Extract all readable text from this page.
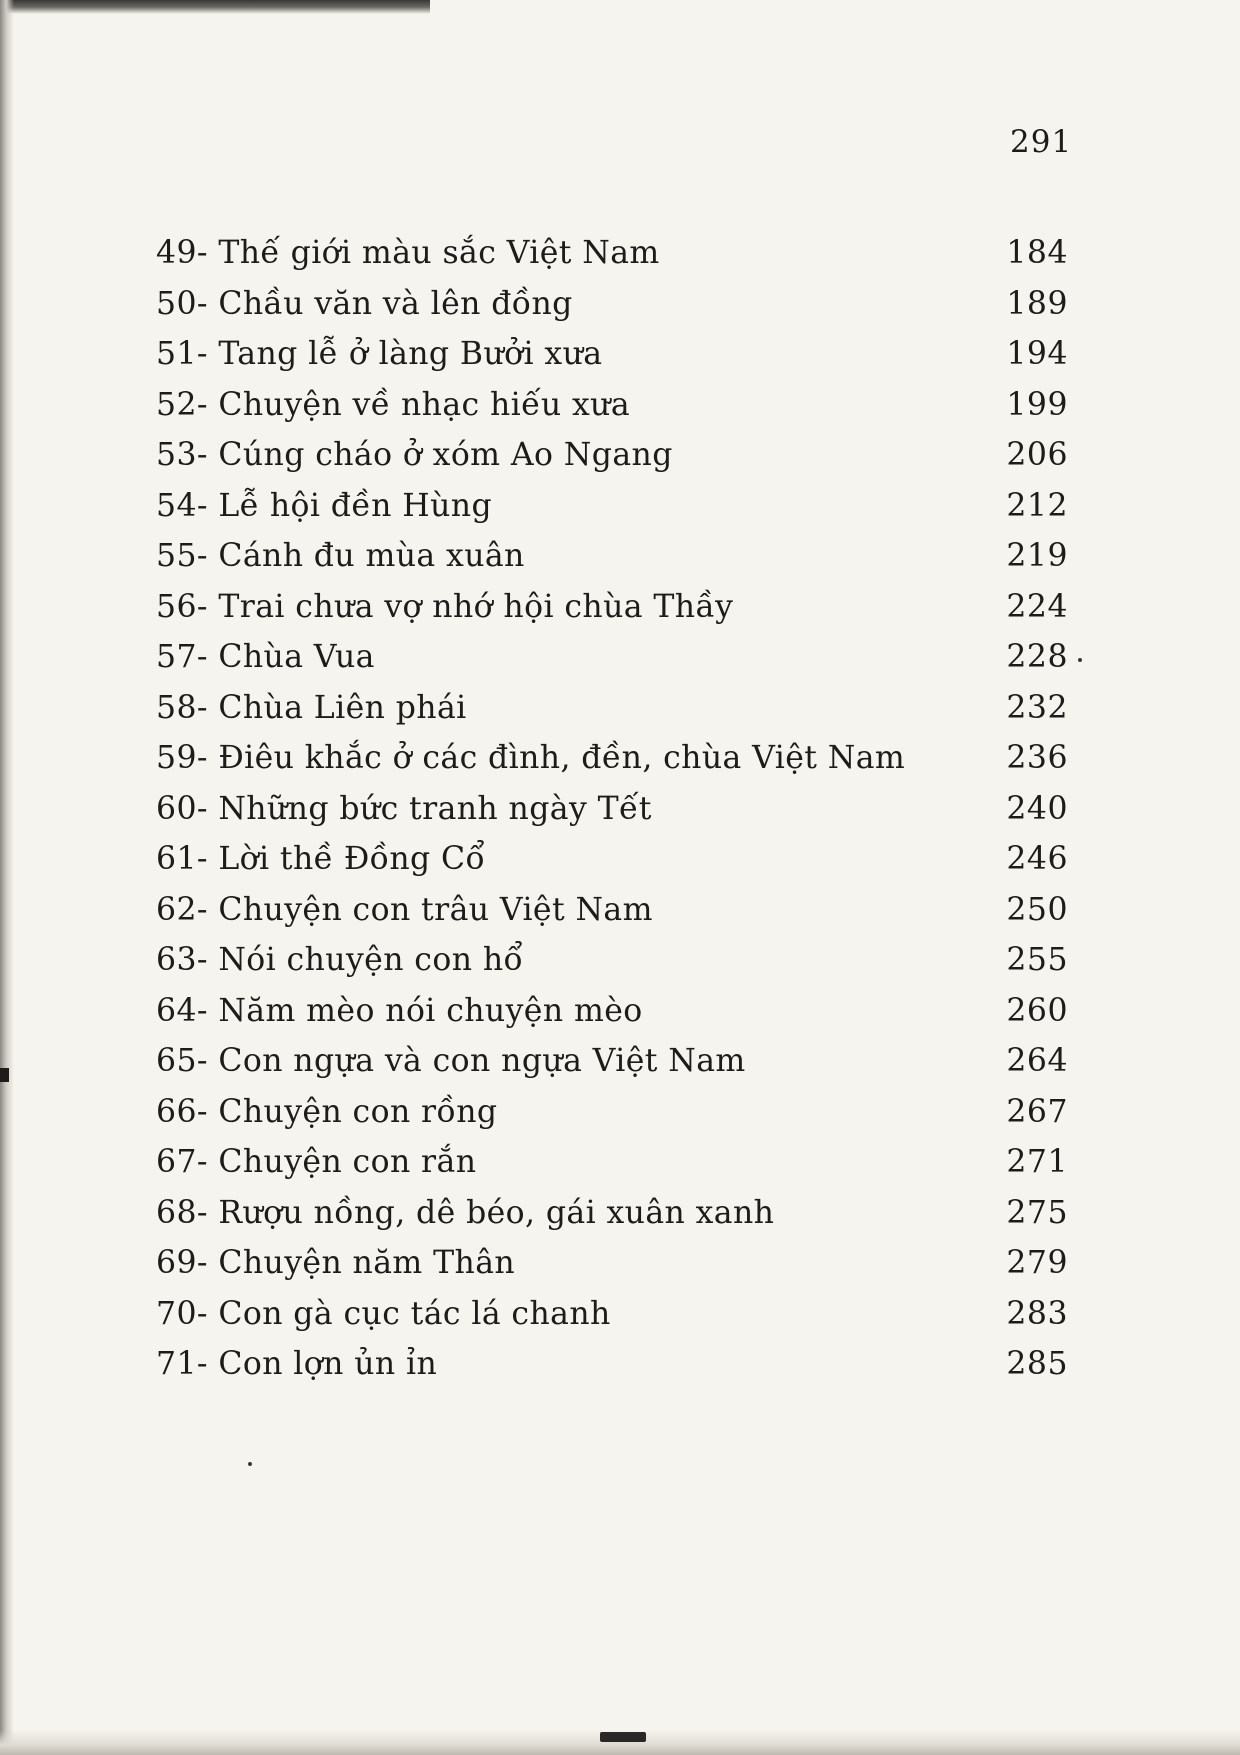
291
49- Thế giới màu sắc Việt Nam	184
50- Chầu văn và lên đồng	189
51- Tang lễ ở làng Bưởi xưa	194
52- Chuyện về nhạc hiếu xưa	199
53- Cúng cháo ở xóm Ao Ngang	206
54- Lễ hội đền Hùng	212
55- Cánh đu mùa xuân	219
56- Trai chưa vợ nhớ hội chùa Thầy	224
57- Chùa Vua	228
58- Chùa Liên phái	232
59- Điêu khắc ở các đình, đền, chùa Việt Nam	236
60- Những bức tranh ngày Tết	240
61- Lời thề Đồng Cổ	246
62- Chuyện con trâu Việt Nam	250
63- Nói chuyện con hổ	255
64- Năm mèo nói chuyện mèo	260
65- Con ngựa và con ngựa Việt Nam	264
66- Chuyện con rồng	267
67- Chuyện con rắn	271
68- Rượu nồng, dê béo, gái xuân xanh	275
69- Chuyện năm Thân	279
70- Con gà cục tác lá chanh	283
71- Con lợn ủn ỉn	285
